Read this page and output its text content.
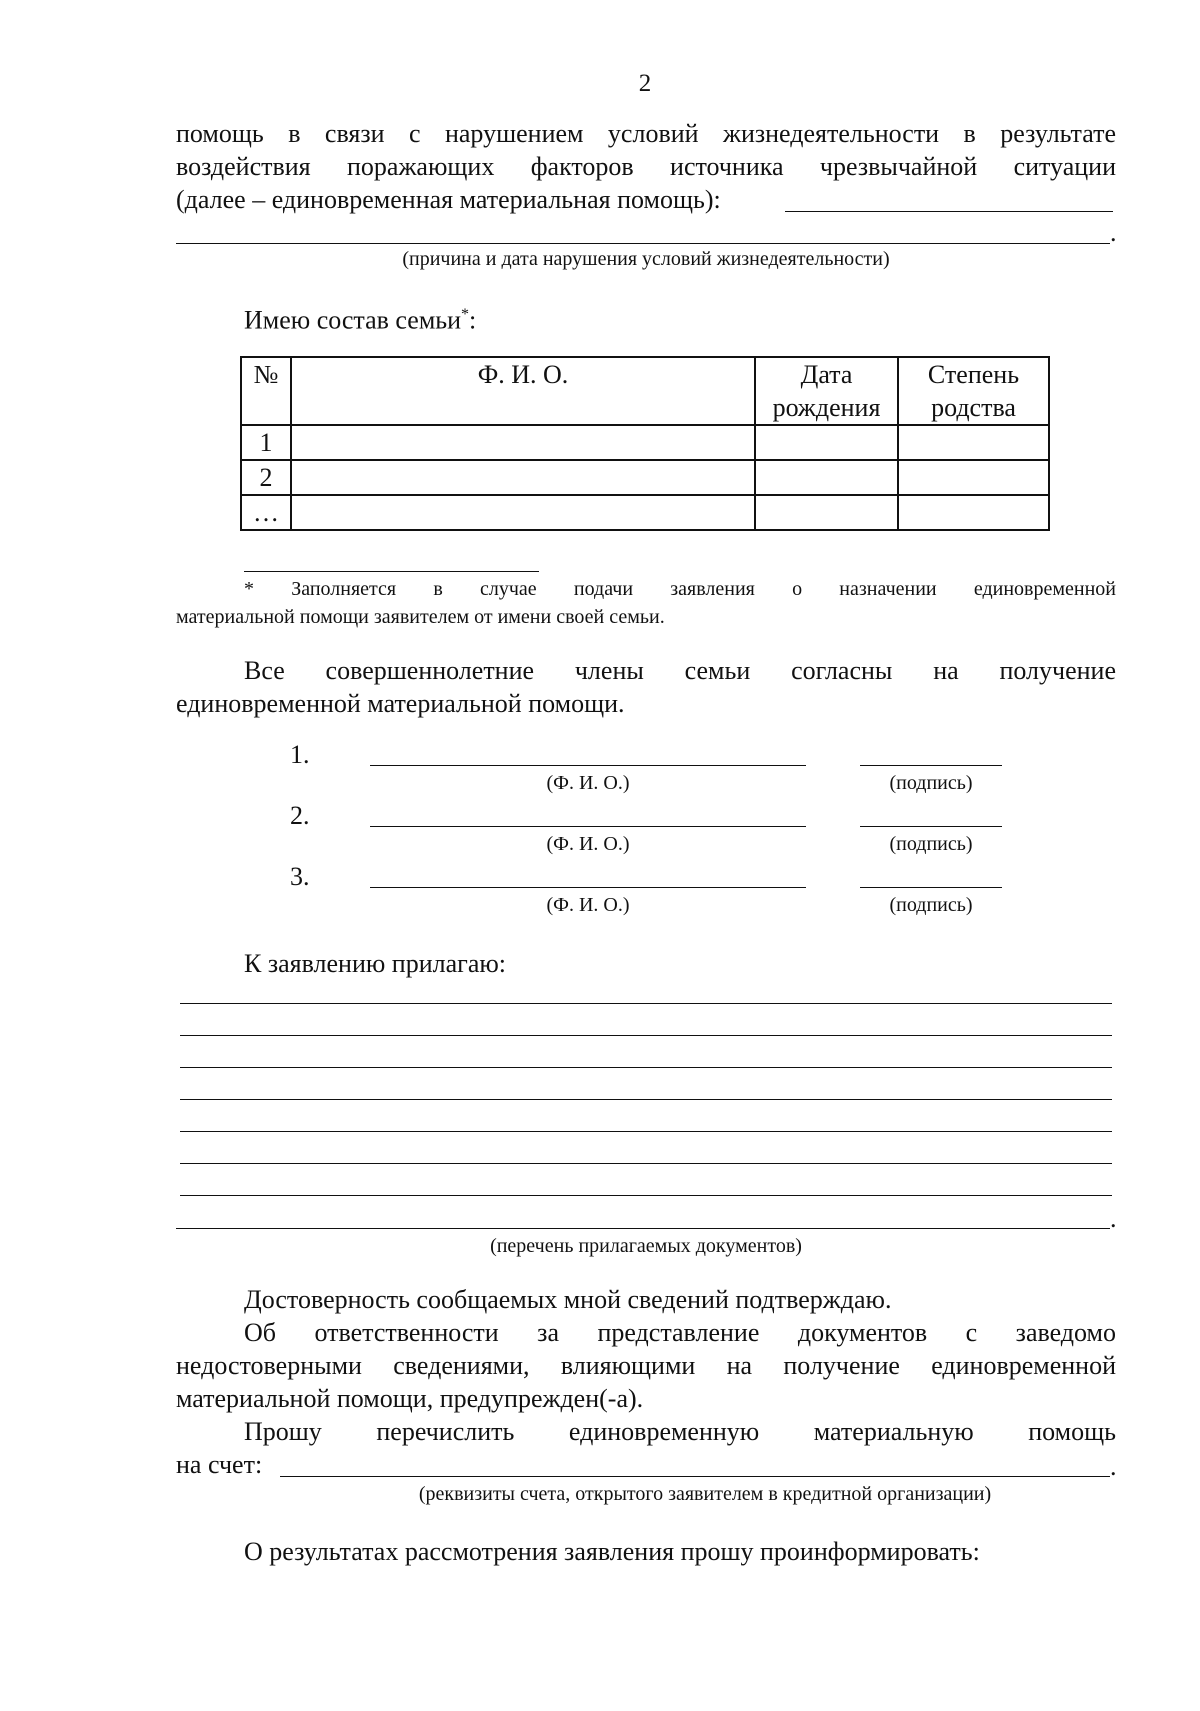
2
помощь в связи с нарушением условий жизнедеятельности в результате
воздействия поражающих факторов источника чрезвычайной ситуации
(далее – единовременная материальная помощь):
.
(причина и дата нарушения условий жизнедеятельности)
Имею состав семьи*:
№	Ф. И. О.	Дата рождения	Степень родства
1			
2			
…			
* Заполняется в случае подачи заявления о назначении единовременной
материальной помощи заявителем от имени своей семьи.
Все совершеннолетние члены семьи согласны на получение
единовременной материальной помощи.
1.
(Ф. И. О.)	(подпись)
2.
(Ф. И. О.)	(подпись)
3.
(Ф. И. О.)	(подпись)
К заявлению прилагаю:
.
(перечень прилагаемых документов)
Достоверность сообщаемых мной сведений подтверждаю.
Об ответственности за представление документов с заведомо
недостоверными сведениями, влияющими на получение единовременной
материальной помощи, предупрежден(-а).
Прошу перечислить единовременную материальную помощь
на счет:	.
(реквизиты счета, открытого заявителем в кредитной организации)
О результатах рассмотрения заявления прошу проинформировать:
